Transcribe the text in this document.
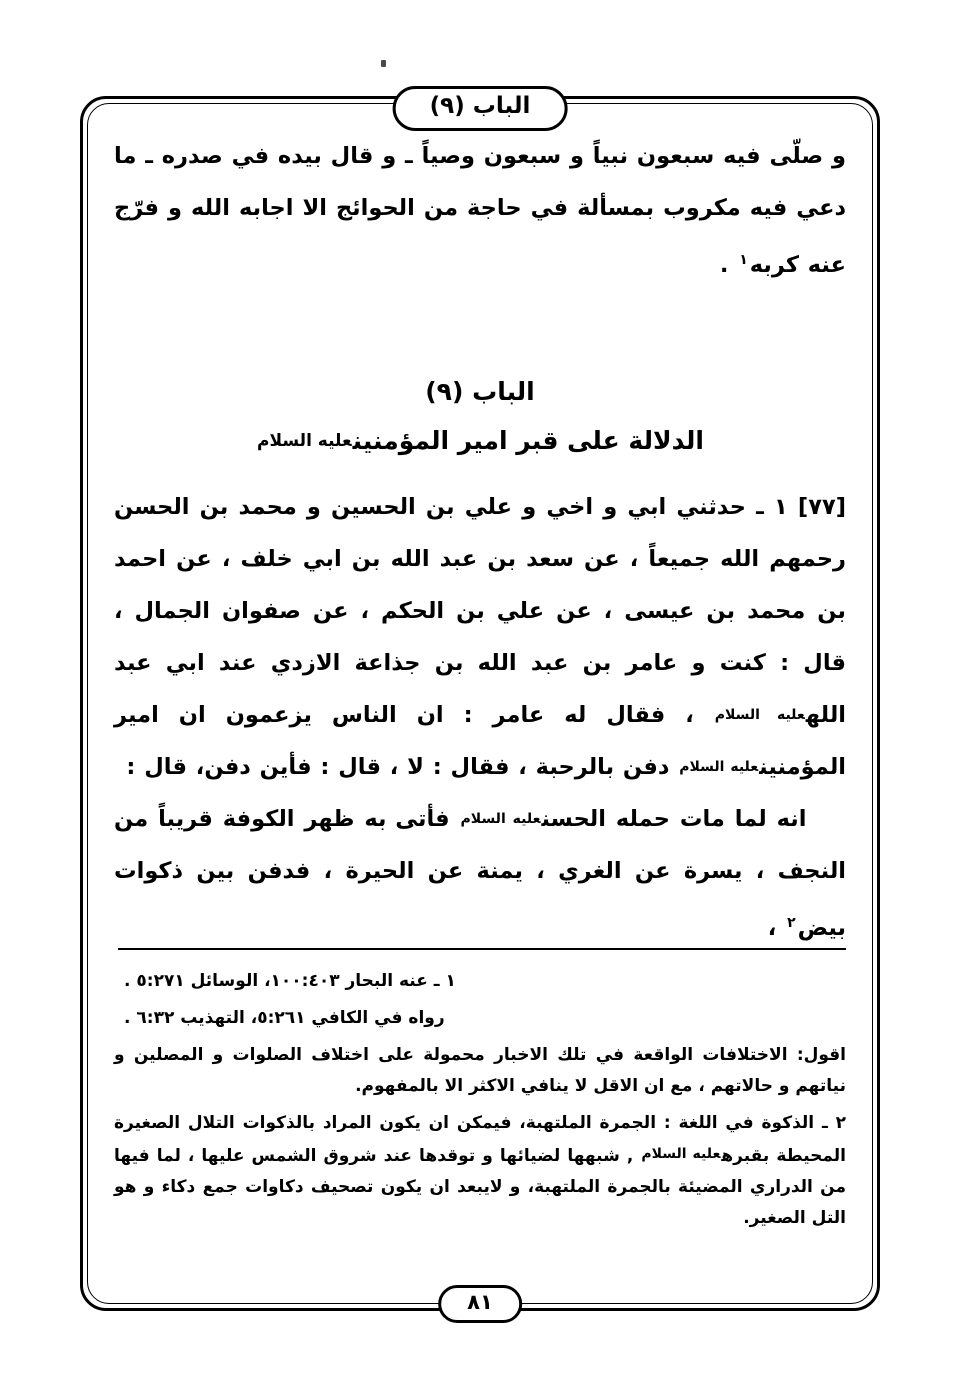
الباب (٩)
٨١

و صلّى فيه سبعون نبياً و سبعون وصياً ـ و قال بيده في صدره ـ ما دعي فيه مكروب بمسألة في حاجة من الحوائج الا اجابه الله و فرّج عنه كربه$^١$ .

الباب (٩)
الدلالة على قبر امير المؤمنينعليه السلام

[٧٧] ١ ـ حدثني ابي و اخي و علي بن الحسين و محمد بن الحسن رحمهم الله جميعاً ، عن سعد بن عبد الله بن ابي خلف ، عن احمد بن محمد بن عيسى ، عن علي بن الحكم ، عن صفوان الجمال ، قال : كنت و عامر بن عبد الله بن جذاعة الازدي عند ابي عبد اللهعليه السلام ، فقال له عامر : ان الناس يزعمون ان امير المؤمنينعليه السلام دفن بالرحبة ، فقال : لا ، قال : فأين دفن، قال :

انه لما مات حمله الحسنعليه السلام فأتى به ظهر الكوفة قريباً من النجف ، يسرة عن الغري ، يمنة عن الحيرة ، فدفن بين ذكوات بيض$^٢$ ،

١ ـ عنه البحار ١٠٠:٤٠٣، الوسائل ٥:٢٧١ .

رواه في الكافي ٥:٢٦١، التهذيب ٦:٣٢ .

اقول: الاختلافات الواقعة في تلك الاخبار محمولة على اختلاف الصلوات و المصلين و نياتهم و حالاتهم ، مع ان الاقل لا ينافي الاكثر الا بالمفهوم.

٢ ـ الذكوة في اللغة : الجمرة الملتهبة، فيمكن ان يكون المراد بالذكوات التلال الصغيرة المحيطة بقبرهعليه السلام , شبهها لضيائها و توقدها عند شروق الشمس عليها ، لما فيها من الدراري المضيئة بالجمرة الملتهبة، و لايبعد ان يكون تصحيف دكاوات جمع دكاء و هو التل الصغير.
